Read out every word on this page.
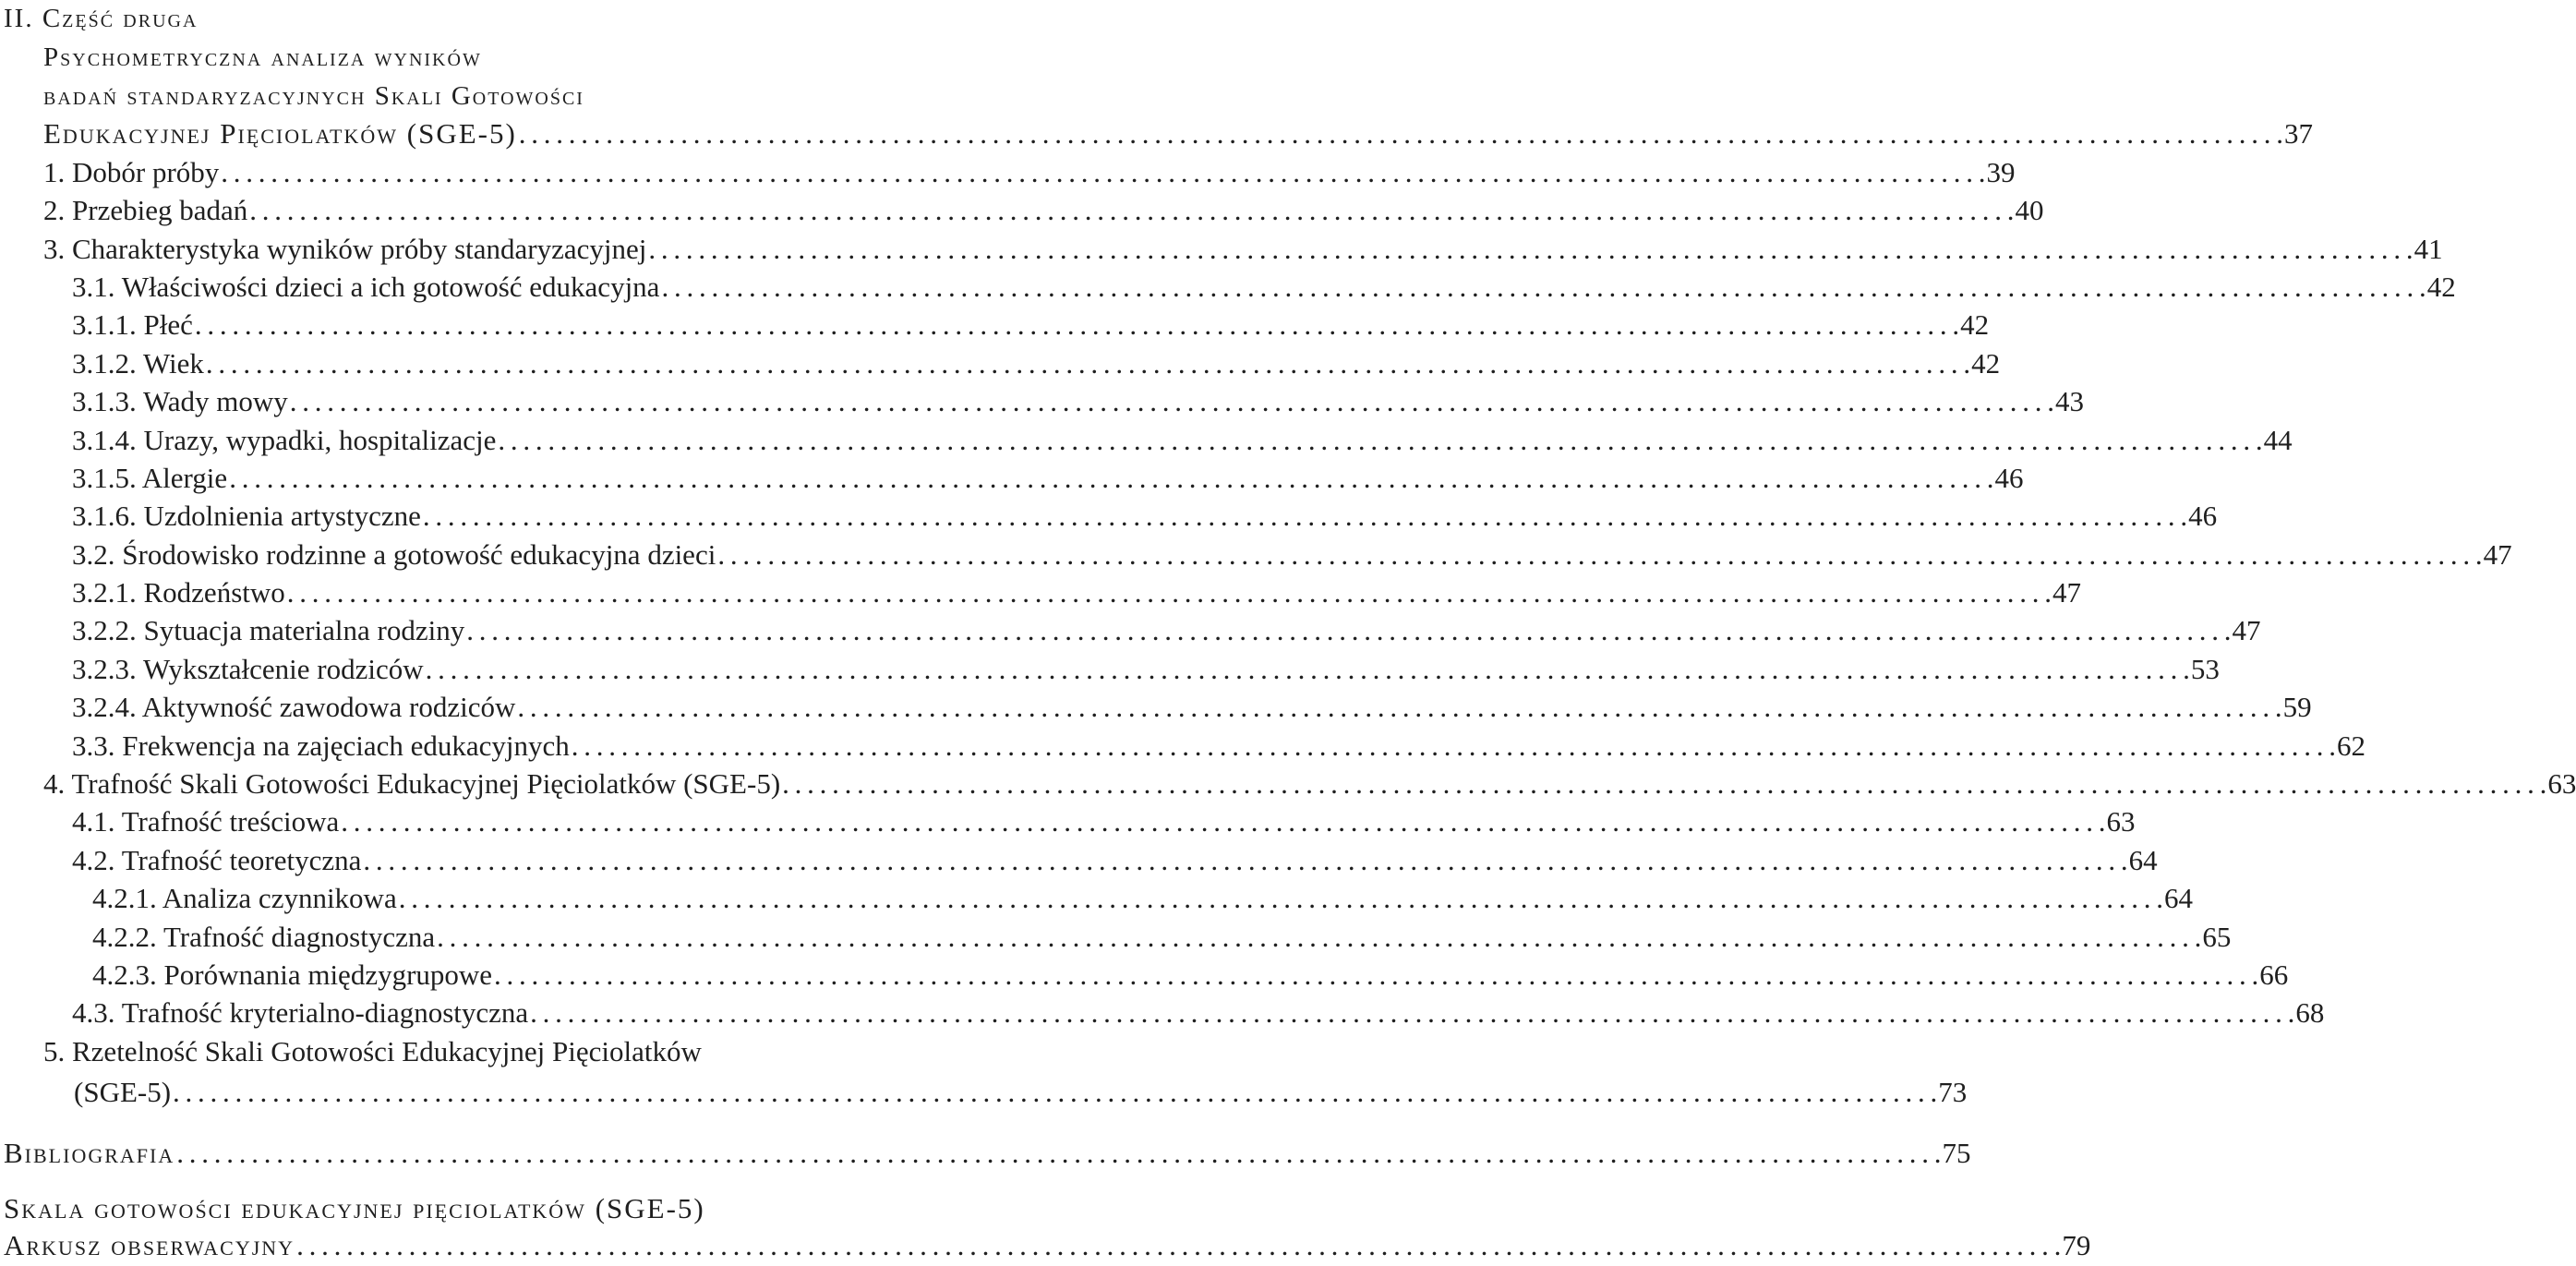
II. Część druga
Psychometryczna analiza wyników
badań standaryzacyjnych Skali Gotowości
Edukacyjnej Pięciolatków (SGE-5) . . .	37
1. Dobór próby . . .	39
2. Przebieg badań . . .	40
3. Charakterystyka wyników próby standaryzacyjnej . . .	41
3.1. Właściwości dzieci a ich gotowość edukacyjna . . .	42
3.1.1. Płeć . . .	42
3.1.2. Wiek . . .	42
3.1.3. Wady mowy . . .	43
3.1.4. Urazy, wypadki, hospitalizacje . . .	44
3.1.5. Alergie . . .	46
3.1.6. Uzdolnienia artystyczne . . .	46
3.2. Środowisko rodzinne a gotowość edukacyjna dzieci . . .	47
3.2.1. Rodzeństwo . . .	47
3.2.2. Sytuacja materialna rodziny . . .	47
3.2.3. Wykształcenie rodziców . . .	53
3.2.4. Aktywność zawodowa rodziców . . .	59
3.3. Frekwencja na zajęciach edukacyjnych . . .	62
4. Trafność Skali Gotowości Edukacyjnej Pięciolatków (SGE-5) . . .	63
4.1. Trafność treściowa . . .	63
4.2. Trafność teoretyczna . . .	64
4.2.1. Analiza czynnikowa . . .	64
4.2.2. Trafność diagnostyczna . . .	65
4.2.3. Porównania międzygrupowe . . .	66
4.3. Trafność kryterialno-diagnostyczna . . .	68
5. Rzetelność Skali Gotowości Edukacyjnej Pięciolatków
(SGE-5) . . .	73
Bibliografia . . .	75
Skala gotowości edukacyjnej pięciolatków (SGE-5)
Arkusz obserwacyjny . . .	79
